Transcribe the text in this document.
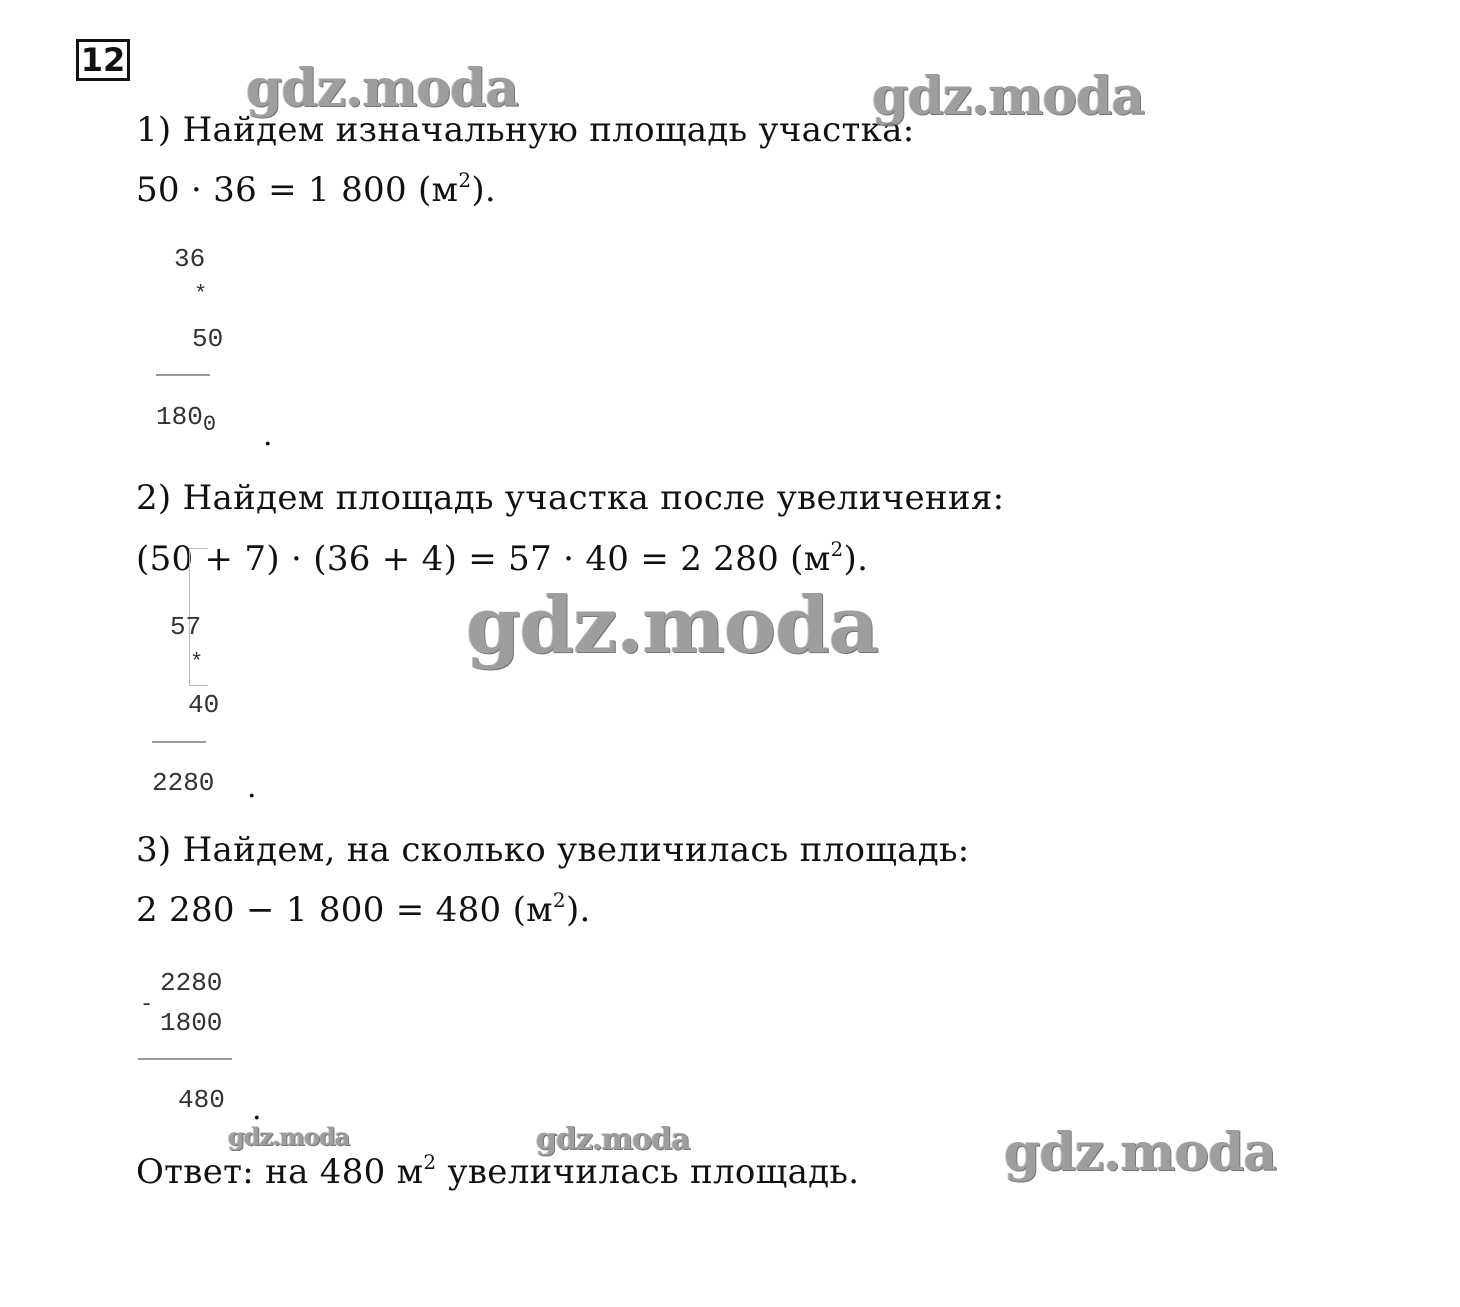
12
1) Найдем изначальную площадь участка:
50 · 36 = 1 800 $(м^2)$.
36
*
50
$180_0$ .
2) Найдем площадь участка после увеличения:
(50 + 7) · (36 + 4) = 57 · 40 = 2 280 $(м^2)$.
57
*
40
2280 .
3) Найдем, на сколько увеличилась площадь:
2 280 − 1 800 = 480 $(м^2)$.
2280
-
1800
480 .
Ответ: на 480 $м^2$ увеличилась площадь.
gdz.moda	gdz.moda
gdz.moda
gdz.moda	gdz.moda	gdz.moda
